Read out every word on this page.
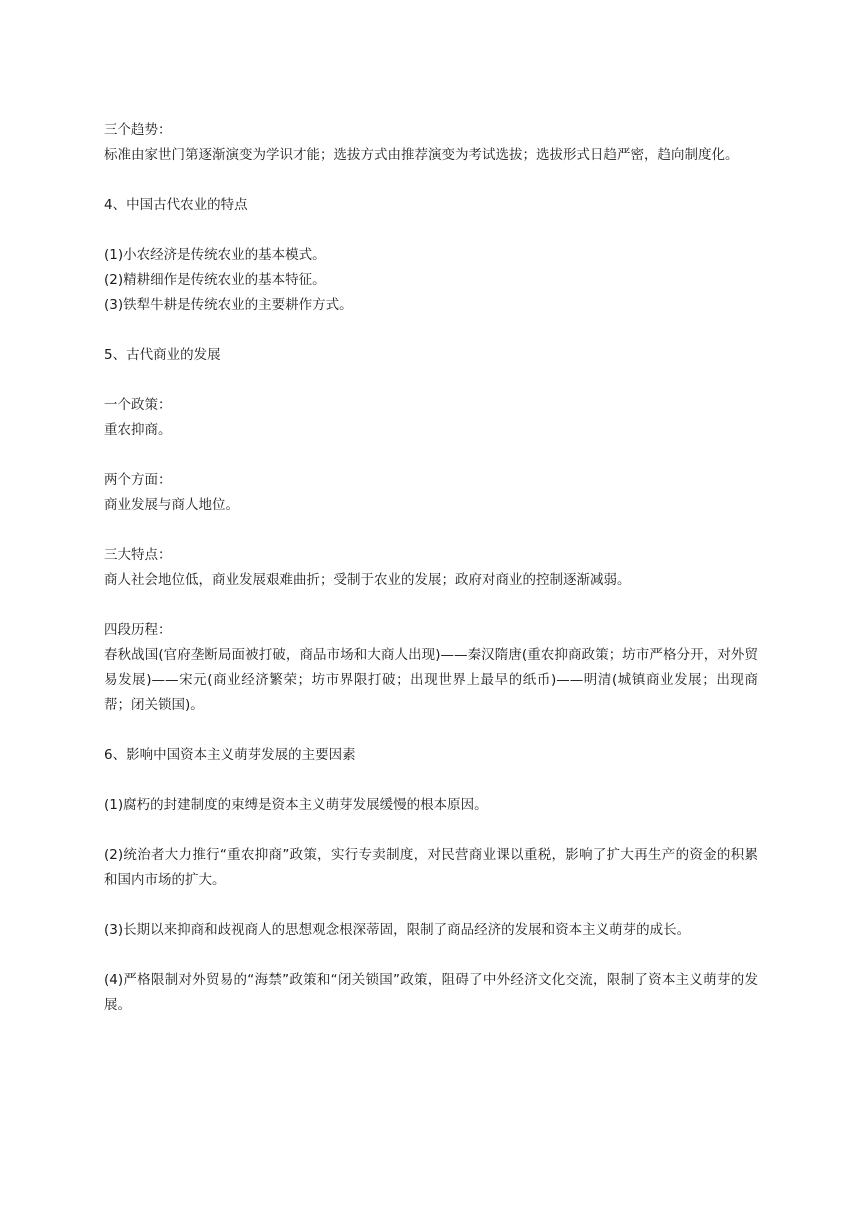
三个趋势：

标准由家世门第逐渐演变为学识才能；选拔方式由推荐演变为考试选拔；选拔形式日趋严密，趋向制度化。

4、中国古代农业的特点

(1)小农经济是传统农业的基本模式。

(2)精耕细作是传统农业的基本特征。

(3)铁犁牛耕是传统农业的主要耕作方式。

5、古代商业的发展

一个政策：

重农抑商。

两个方面：

商业发展与商人地位。

三大特点：

商人社会地位低，商业发展艰难曲折；受制于农业的发展；政府对商业的控制逐渐减弱。

四段历程：

春秋战国(官府垄断局面被打破，商品市场和大商人出现)——秦汉隋唐(重农抑商政策；坊市严格分开，对外贸易发展)——宋元(商业经济繁荣；坊市界限打破；出现世界上最早的纸币)——明清(城镇商业发展；出现商帮；闭关锁国)。

6、影响中国资本主义萌芽发展的主要因素

(1)腐朽的封建制度的束缚是资本主义萌芽发展缓慢的根本原因。

(2)统治者大力推行“重农抑商”政策，实行专卖制度，对民营商业课以重税，影响了扩大再生产的资金的积累和国内市场的扩大。

(3)长期以来抑商和歧视商人的思想观念根深蒂固，限制了商品经济的发展和资本主义萌芽的成长。

(4)严格限制对外贸易的“海禁”政策和“闭关锁国”政策，阻碍了中外经济文化交流，限制了资本主义萌芽的发展。
